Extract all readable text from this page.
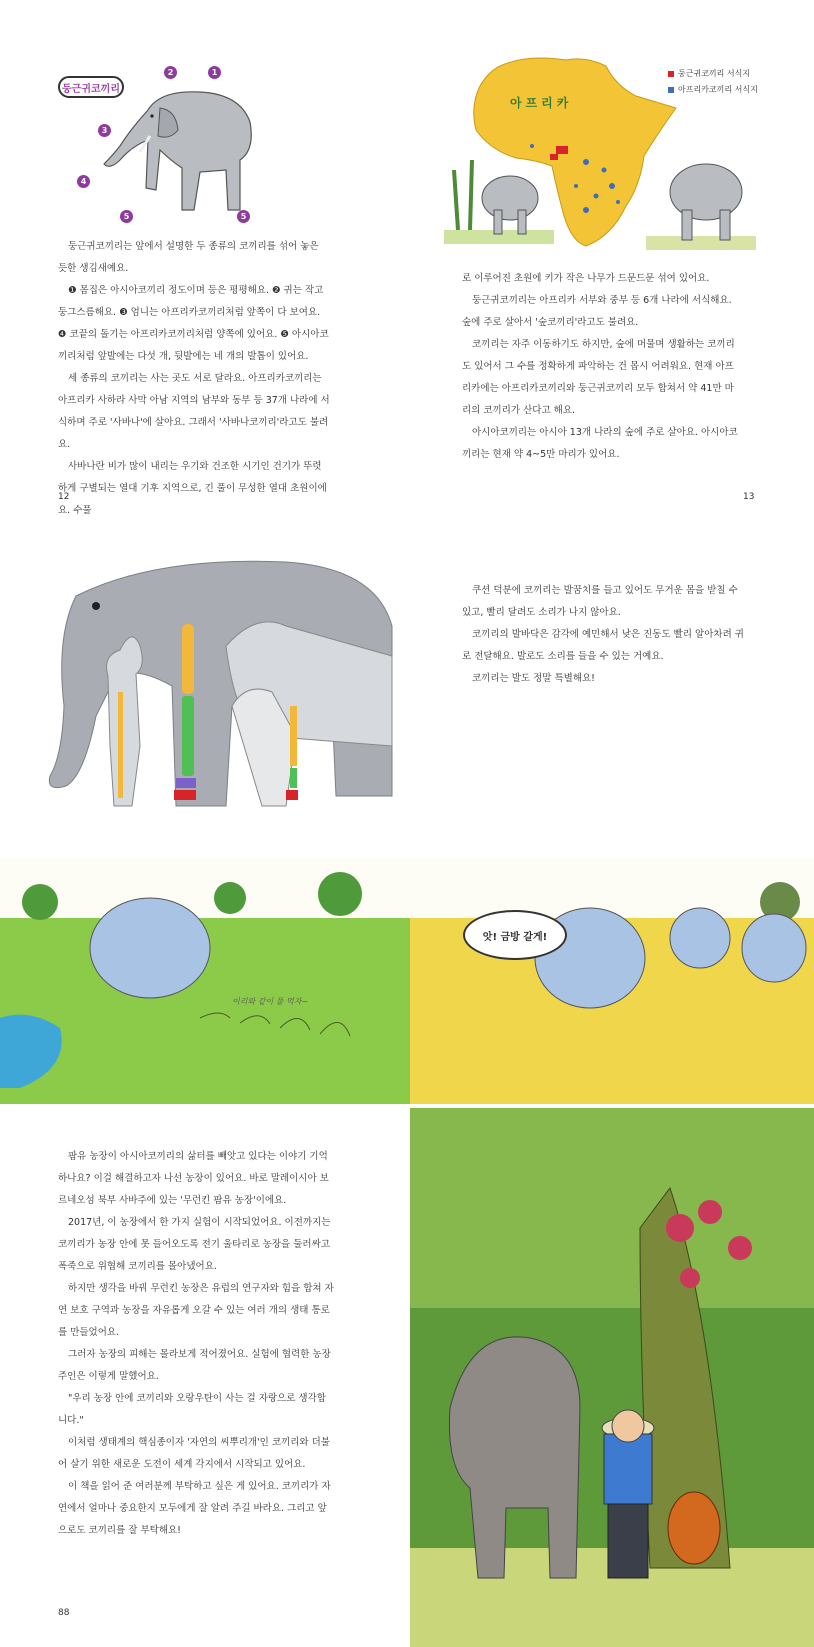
둥근귀코끼리
1
2
3
4
5	5

둥근귀코끼리는 앞에서 설명한 두 종류의 코끼리를 섞어 놓은 듯한 생김새예요.

❶ 몸집은 아시아코끼리 정도이며 등은 평평해요. ❷ 귀는 작고 둥그스름해요. ❸ 엄니는 아프리카코끼리처럼 앞쪽이 다 보여요. ❹ 코끝의 돌기는 아프리카코끼리처럼 양쪽에 있어요. ❺ 아시아코끼리처럼 앞발에는 다섯 개, 뒷발에는 네 개의 발톱이 있어요.

세 종류의 코끼리는 사는 곳도 서로 달라요. 아프리카코끼리는 아프리카 사하라 사막 아남 지역의 남부와 동부 등 37개 나라에 서식하며 주로 '사바나'에 살아요. 그래서 '사바나코끼리'라고도 불려요.

사바나란 비가 많이 내리는 우기와 건조한 시기인 건기가 뚜렷하게 구별되는 열대 기후 지역으로, 긴 풀이 무성한 열대 초원이에요. 수풀

12
아프리카
둥근귀코끼리 서식지
아프리카코끼리 서식지

로 이루어진 초원에 키가 작은 나무가 드문드문 섞여 있어요.

둥근귀코끼리는 아프리카 서부와 중부 등 6개 나라에 서식해요. 숲에 주로 살아서 '숲코끼리'라고도 불려요.

코끼리는 자주 이동하기도 하지만, 숲에 머물며 생활하는 코끼리도 있어서 그 수를 정확하게 파악하는 건 몹시 어려워요. 현재 아프리카에는 아프리카코끼리와 둥근귀코끼리 모두 합쳐서 약 41만 마리의 코끼리가 산다고 해요.

아시아코끼리는 아시아 13개 나라의 숲에 주로 살아요. 아시아코끼리는 현재 약 4~5만 마리가 있어요.

13

쿠션 덕분에 코끼리는 발꿈치를 들고 있어도 무거운 몸을 받칠 수 있고, 빨리 달려도 소리가 나지 않아요.

코끼리의 발바닥은 감각에 예민해서 낮은 진동도 빨리 알아차려 귀로 전달해요. 발로도 소리를 들을 수 있는 거예요.

코끼리는 발도 정말 특별해요!

이리와 같이 풀 먹자~
앗! 금방 갈게!

팜유 농장이 아시아코끼리의 삶터를 빼앗고 있다는 이야기 기억하나요? 이걸 해결하고자 나선 농장이 있어요. 바로 말레이시아 보르네오섬 북부 사바주에 있는 '무런킨 팜유 농장'이에요.

2017년, 이 농장에서 한 가지 실험이 시작되었어요. 이전까지는 코끼리가 농장 안에 못 들어오도록 전기 울타리로 농장을 둘러싸고 폭죽으로 위협해 코끼리를 몰아냈어요.

하지만 생각을 바꿔 무런킨 농장은 유럽의 연구자와 힘을 합쳐 자연 보호 구역과 농장을 자유롭게 오갈 수 있는 여러 개의 생태 통로를 만들었어요.

그러자 농장의 피해는 몰라보게 적어졌어요. 실험에 협력한 농장 주인은 이렇게 말했어요.

"우리 농장 안에 코끼리와 오랑우탄이 사는 걸 자랑으로 생각합니다."

이처럼 생태계의 핵심종이자 '자연의 씨뿌리개'인 코끼리와 더불어 살기 위한 새로운 도전이 세계 각지에서 시작되고 있어요.

이 책을 읽어 준 여러분께 부탁하고 싶은 게 있어요. 코끼리가 자연에서 얼마나 중요한지 모두에게 잘 알려 주길 바라요. 그리고 앞으로도 코끼리를 잘 부탁해요!

88
